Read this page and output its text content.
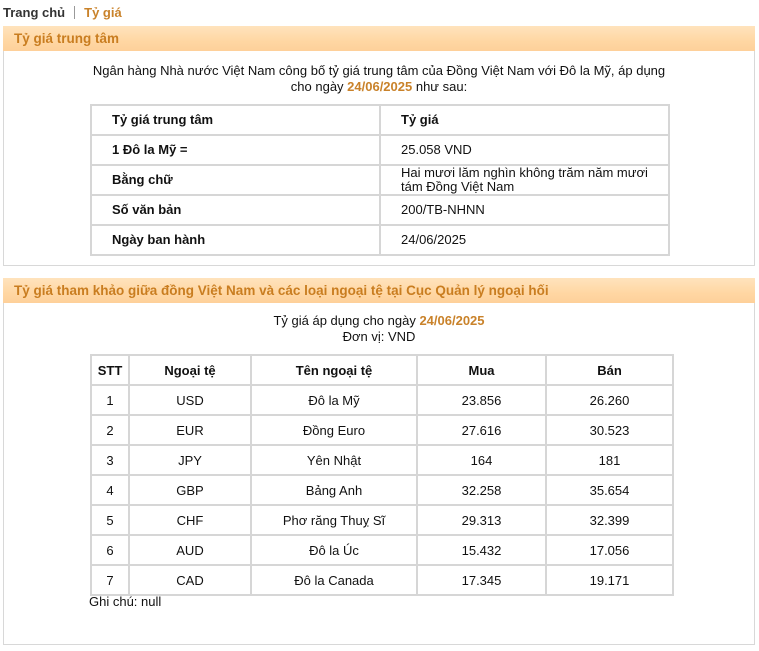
Trang chủ Tỷ giá
Tỷ giá trung tâm
Ngân hàng Nhà nước Việt Nam công bố tỷ giá trung tâm của Đồng Việt Nam với Đô la Mỹ, áp dụng
cho ngày 24/06/2025 như sau:
Tỷ giá trung tâm	Tỷ giá
1 Đô la Mỹ =	25.058 VND
Bằng chữ	Hai mươi lăm nghìn không trăm năm mươi tám Đồng Việt Nam
Số văn bản	200/TB-NHNN
Ngày ban hành	24/06/2025
Tỷ giá tham khảo giữa đồng Việt Nam và các loại ngoại tệ tại Cục Quản lý ngoại hối
Tỷ giá áp dụng cho ngày 24/06/2025
Đơn vị: VND
STT	Ngoại tệ	Tên ngoại tệ	Mua	Bán
1	USD	Đô la Mỹ	23.856	26.260
2	EUR	Đồng Euro	27.616	30.523
3	JPY	Yên Nhật	164	181
4	GBP	Bảng Anh	32.258	35.654
5	CHF	Phơ răng Thuỵ Sĩ	29.313	32.399
6	AUD	Đô la Úc	15.432	17.056
7	CAD	Đô la Canada	17.345	19.171
Ghi chú: null
